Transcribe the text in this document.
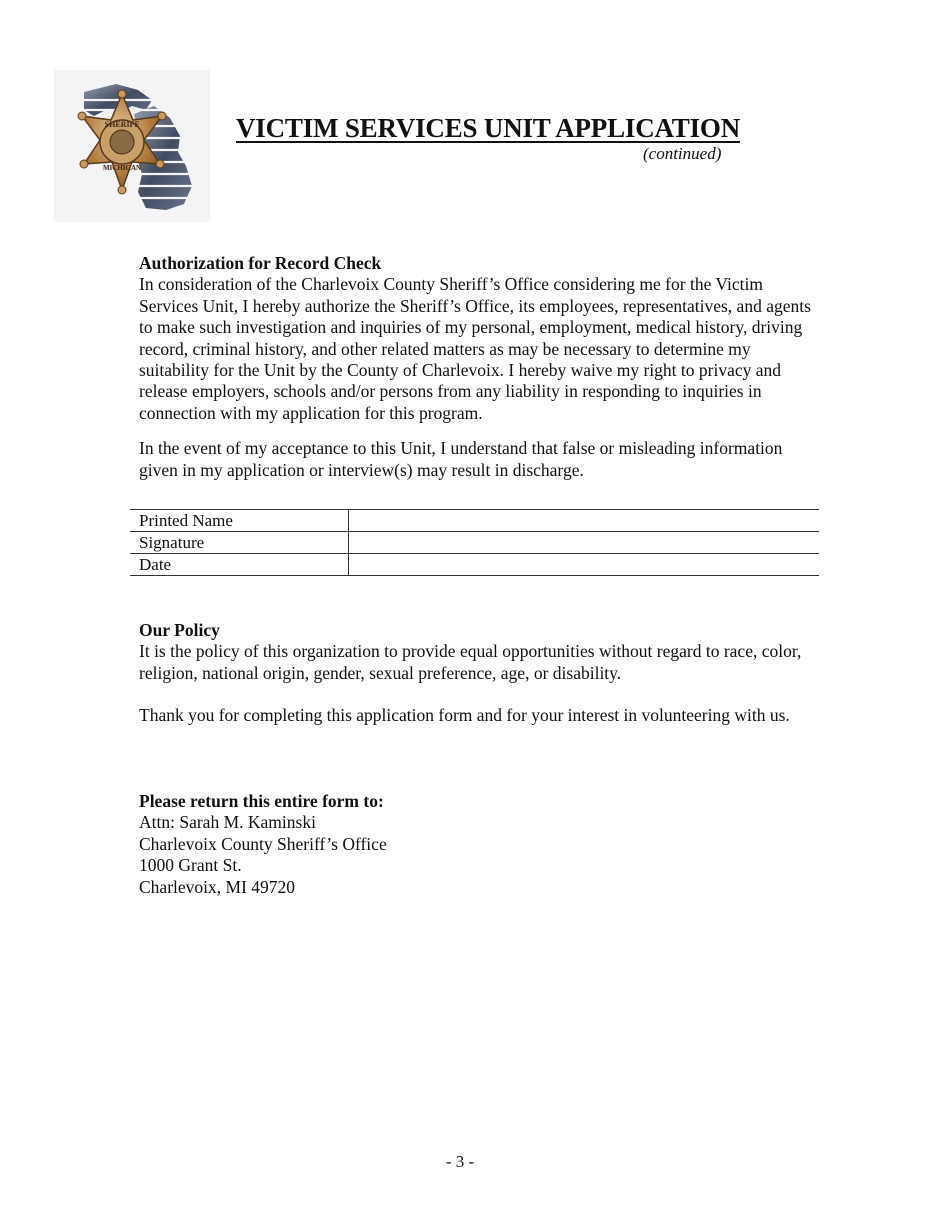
SHERIFF
MICHIGAN
VICTIM SERVICES UNIT APPLICATION
(continued)
Authorization for Record Check
In consideration of the Charlevoix County Sheriff’s Office considering me for the Victim Services Unit, I hereby authorize the Sheriff’s Office, its employees, representatives, and agents to make such investigation and inquiries of my personal, employment, medical history, driving record, criminal history, and other related matters as may be necessary to determine my suitability for the Unit by the County of Charlevoix. I hereby waive my right to privacy and release employers, schools and/or persons from any liability in responding to inquiries in connection with my application for this program.
In the event of my acceptance to this Unit, I understand that false or misleading information given in my application or interview(s) may result in discharge.
Printed Name	
Signature	
Date	
Our Policy
It is the policy of this organization to provide equal opportunities without regard to race, color, religion, national origin, gender, sexual preference, age, or disability.
Thank you for completing this application form and for your interest in volunteering with us.
Please return this entire form to:
Attn: Sarah M. Kaminski
Charlevoix County Sheriff’s Office
1000 Grant St.
Charlevoix, MI 49720
- 3 -
